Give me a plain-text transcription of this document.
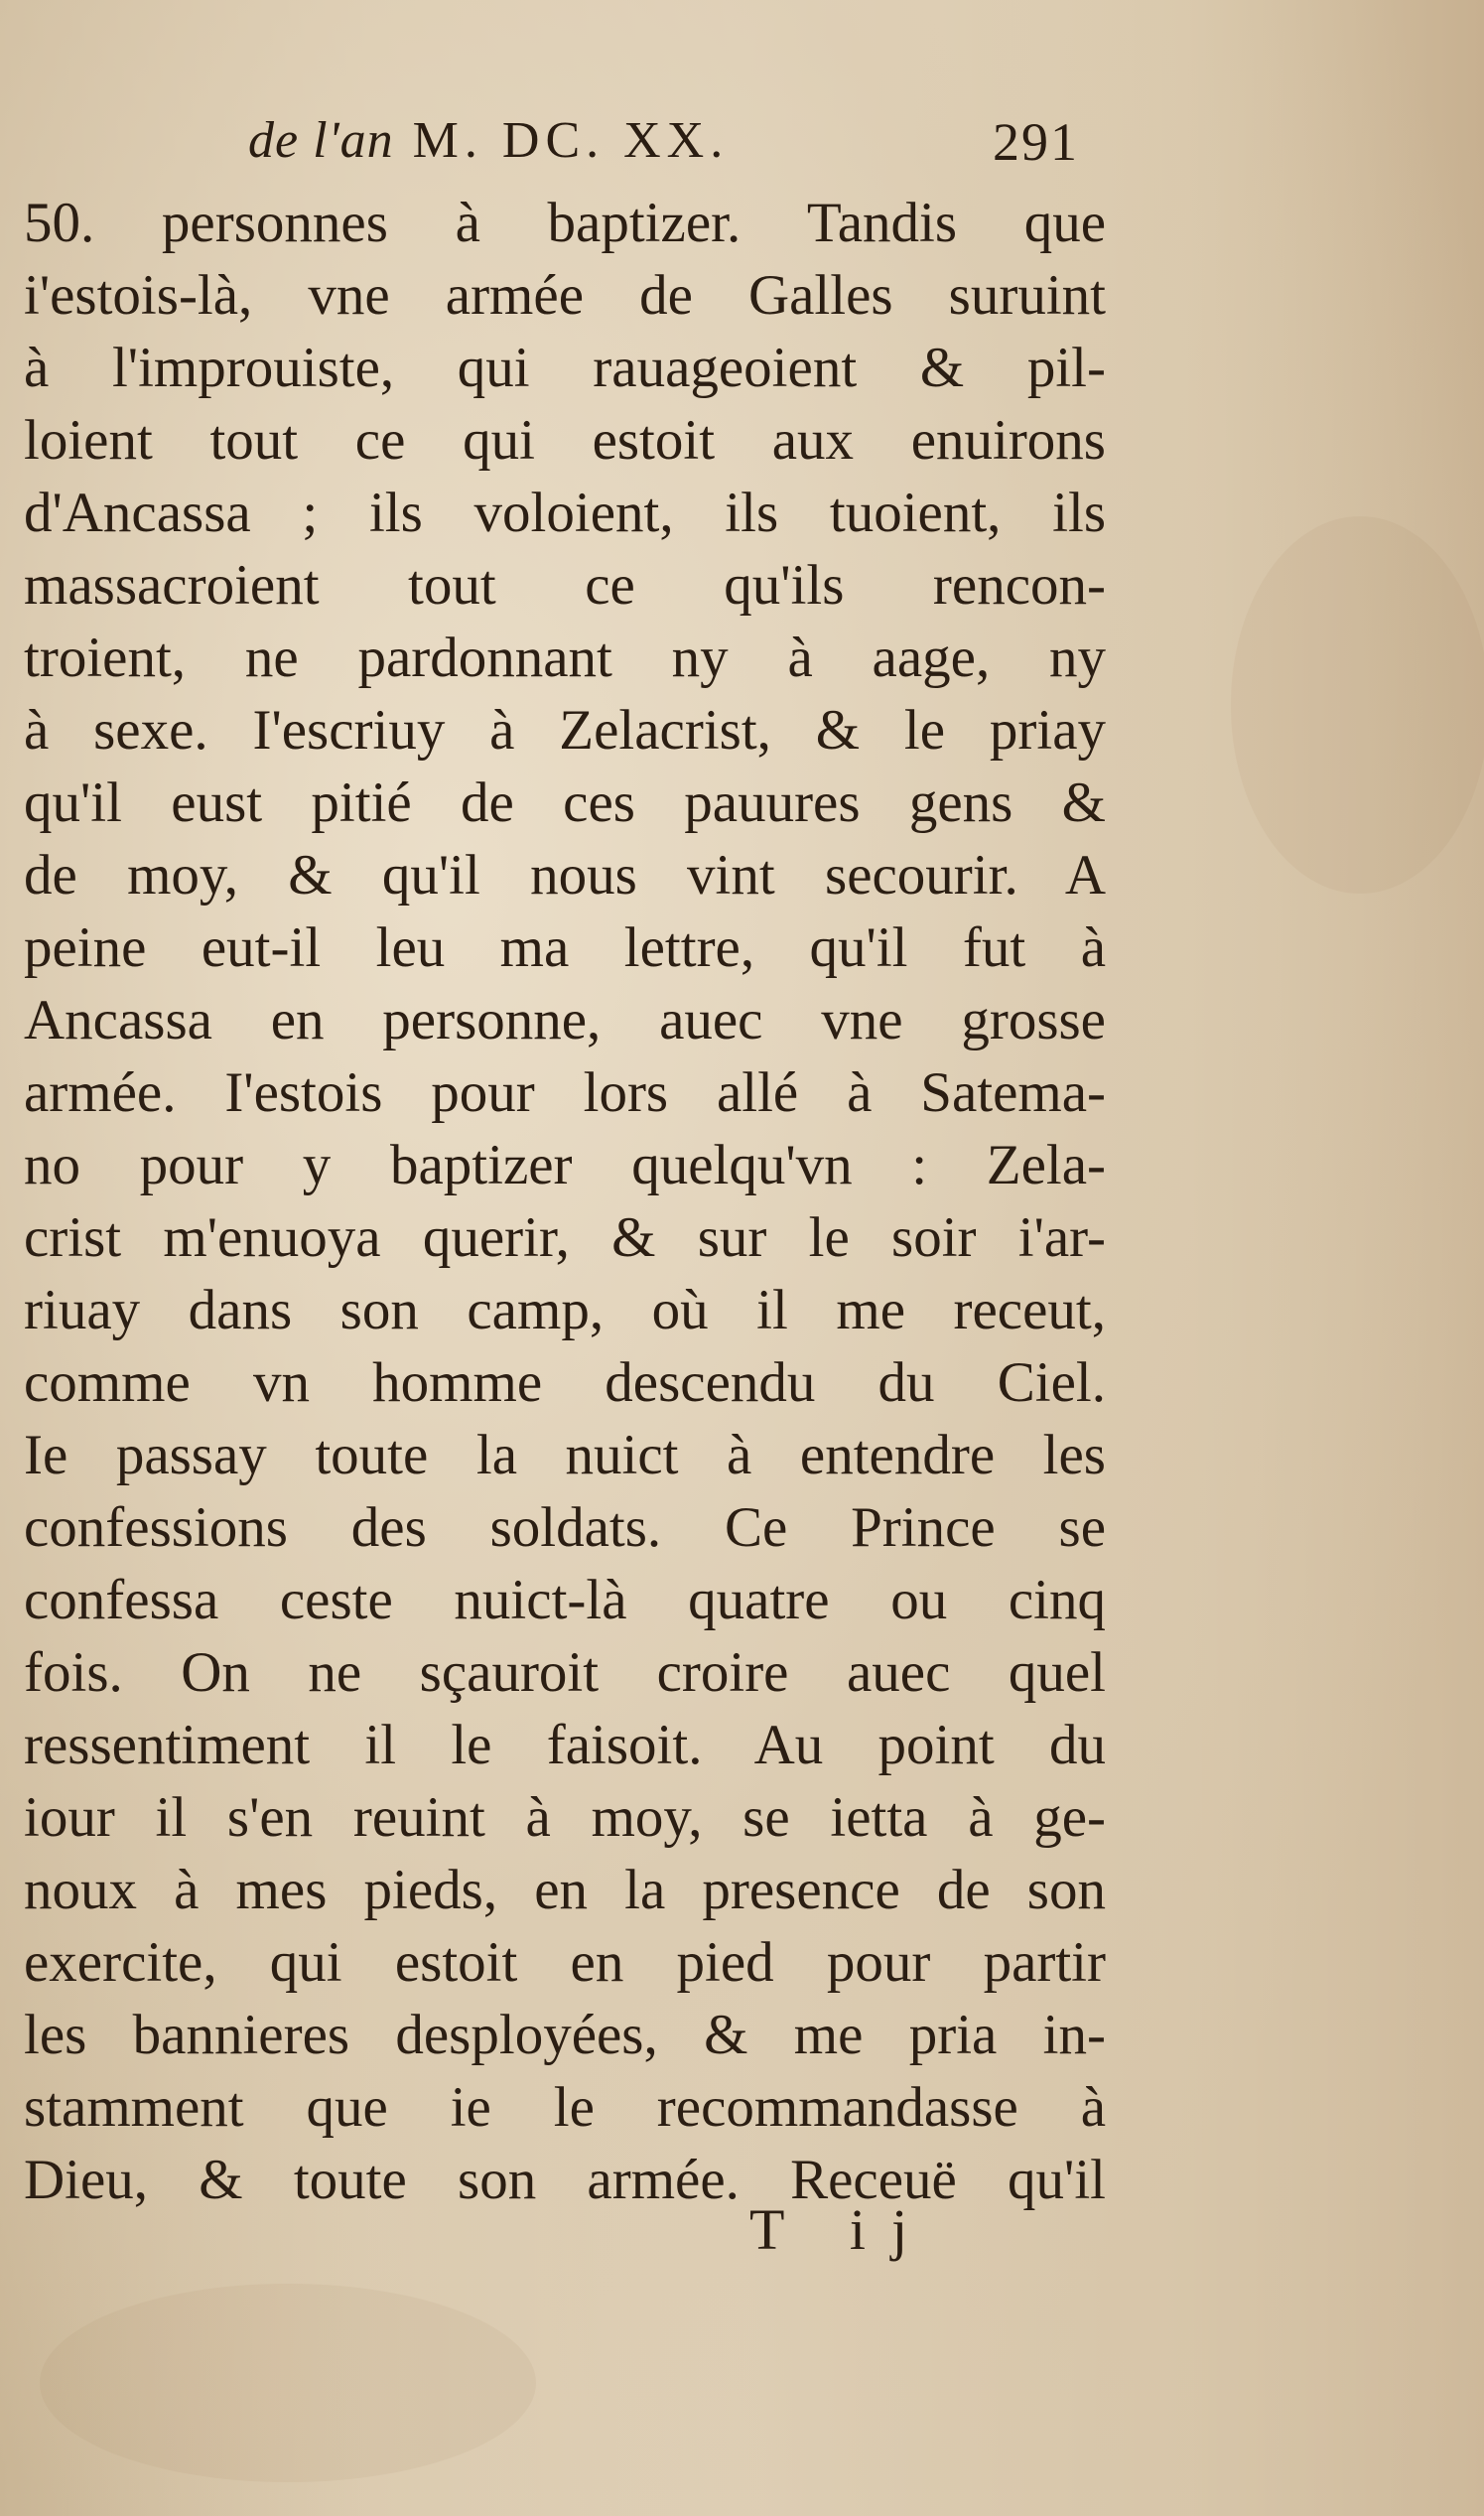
de l'an M. DC. XX.	291
50. personnes à baptizer. Tandis que
i'estois-là, vne armée de Galles suruint
à l'improuiste, qui rauageoient & pil-
loient tout ce qui estoit aux enuirons
d'Ancassa ; ils voloient, ils tuoient, ils
massacroient tout ce qu'ils rencon-
troient, ne pardonnant ny à aage, ny
à sexe. I'escriuy à Zelacrist, & le priay
qu'il eust pitié de ces pauures gens &
de moy, & qu'il nous vint secourir. A
peine eut-il leu ma lettre, qu'il fut à
Ancassa en personne, auec vne grosse
armée. I'estois pour lors allé à Satema-
no pour y baptizer quelqu'vn : Zela-
crist m'enuoya querir, & sur le soir i'ar-
riuay dans son camp, où il me receut,
comme vn homme descendu du Ciel.
Ie passay toute la nuict à entendre les
confessions des soldats. Ce Prince se
confessa ceste nuict-là quatre ou cinq
fois. On ne sçauroit croire auec quel
ressentiment il le faisoit. Au point du
iour il s'en reuint à moy, se ietta à ge-
noux à mes pieds, en la presence de son
exercite, qui estoit en pied pour partir
les bannieres desployées, & me pria in-
stamment que ie le recommandasse à
Dieu, & toute son armée. Receuë qu'il
T ij
